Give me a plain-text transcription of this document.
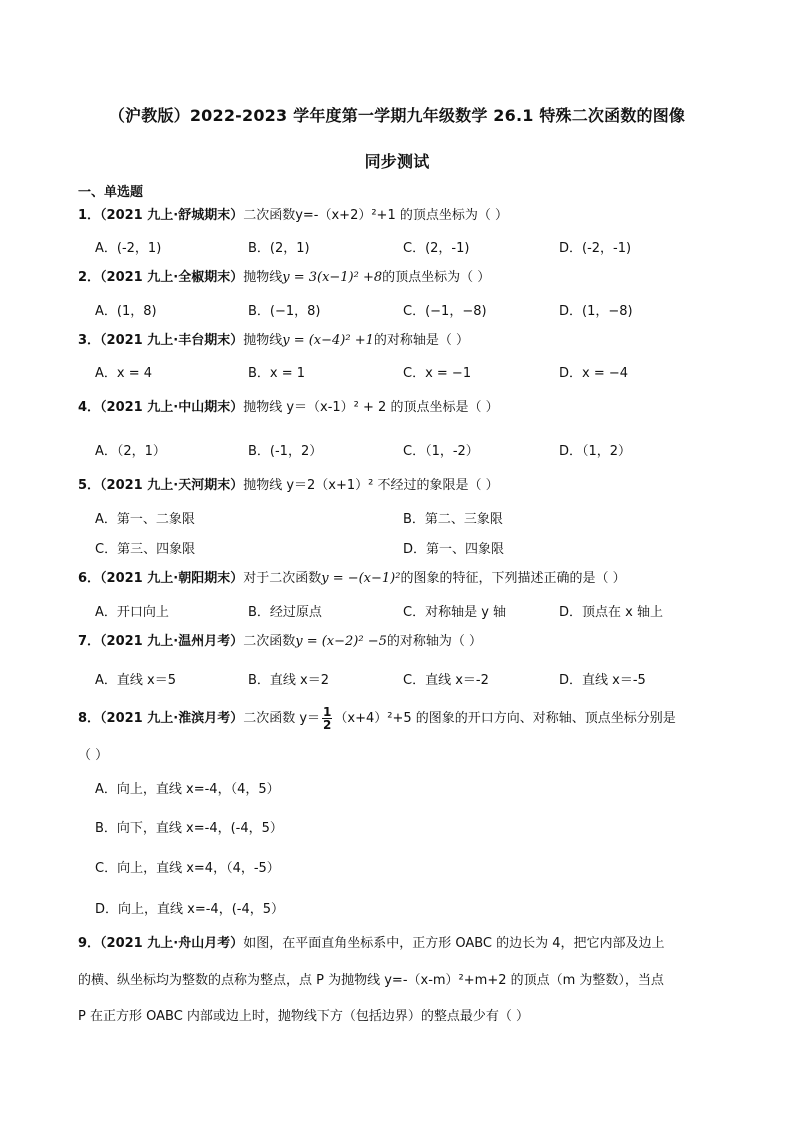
（沪教版）2022-2023 学年度第一学期九年级数学 26.1 特殊二次函数的图像
同步测试
一、单选题
1．（2021 九上·舒城期末）二次函数y=-（x+2）²+1 的顶点坐标为（ ）
A．(-2，1)	B．(2，1)	C．(2，-1)	D．(-2，-1)
2．（2021 九上·全椒期末）抛物线y = 3(x−1)² +8的顶点坐标为（ ）
A．(1，8)	B．(−1，8)	C．(−1，−8)	D．(1，−8)
3．（2021 九上·丰台期末）抛物线y = (x−4)² +1的对称轴是（ ）
A．x = 4	B．x = 1	C．x = −1	D．x = −4
4．（2021 九上·中山期末）抛物线 y＝（x-1）² + 2 的顶点坐标是（ ）
A．（2，1）	B．(-1，2）	C．（1，-2）	D．（1，2）
5．（2021 九上·天河期末）抛物线 y＝2（x+1）² 不经过的象限是（ ）
A．第一、二象限	B．第二、三象限
C．第三、四象限	D．第一、四象限
6．（2021 九上·朝阳期末）对于二次函数y = −(x−1)²的图象的特征，下列描述正确的是（ ）
A．开口向上	B．经过原点	C．对称轴是 y 轴	D．顶点在 x 轴上
7．（2021 九上·温州月考）二次函数y = (x−2)² −5的对称轴为（ ）
A．直线 x＝5	B．直线 x＝2	C．直线 x＝-2	D．直线 x＝-5
8．（2021 九上·淮滨月考）二次函数 $y= \frac{1}{2} (x+4)^2+5$ 的图象的开口方向、对称轴、顶点坐标分别是
（ ）
A．向上，直线 x=-4，（4，5）
B．向下，直线 x=-4，(-4，5）
C．向上，直线 x=4，（4，-5）
D．向上，直线 x=-4，(-4，5）
9．（2021 九上·舟山月考）如图，在平面直角坐标系中，正方形 OABC 的边长为 4，把它内部及边上
的横、纵坐标均为整数的点称为整点，点 P 为抛物线 y=-（x-m）²+m+2 的顶点（m 为整数），当点
P 在正方形 OABC 内部或边上时，抛物线下方（包括边界）的整点最少有（ ）
